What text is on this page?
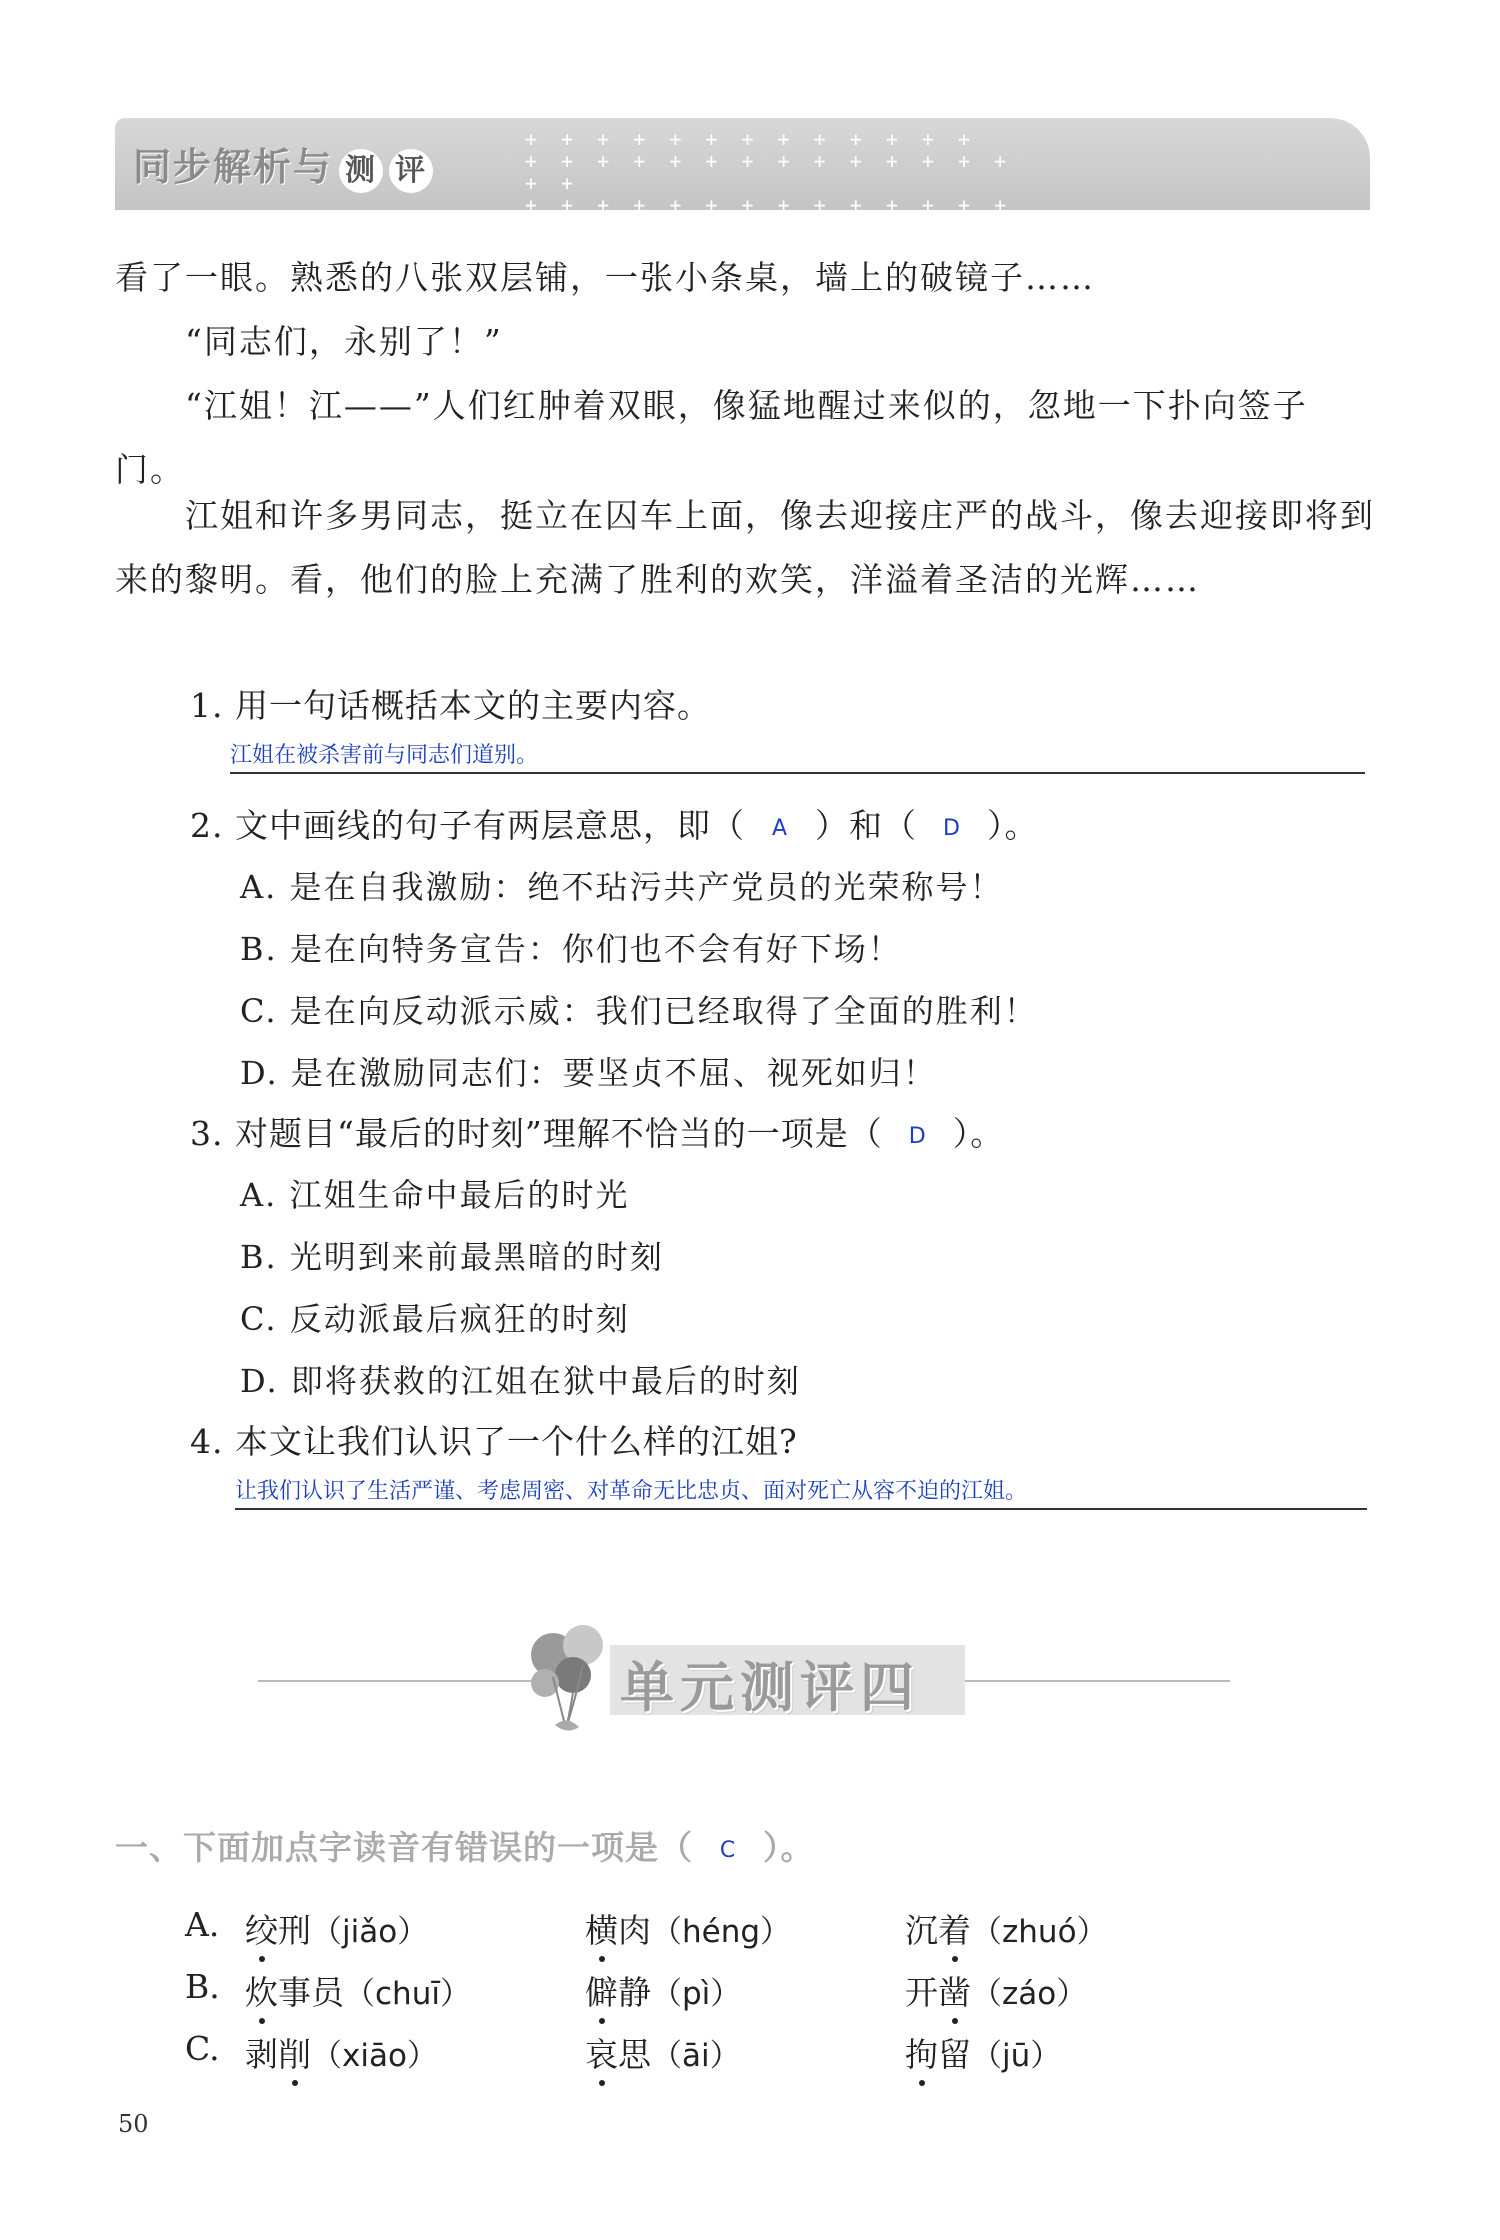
同步解析与 测 评
+ + + + + + + + + + + + +
+ + + + + + + + + + + + + + + +
+ + + + + + + + + + + + + + + + + + + + +

看了一眼。熟悉的八张双层铺，一张小条桌，墙上的破镜子……

“同志们，永别了！”

“江姐！江——”人们红肿着双眼，像猛地醒过来似的，忽地一下扑向签子门。

江姐和许多男同志，挺立在囚车上面，像去迎接庄严的战斗，像去迎接即将到来的黎明。看，他们的脸上充满了胜利的欢笑，洋溢着圣洁的光辉……

1. 用一句话概括本文的主要内容。
江姐在被杀害前与同志们道别。
2. 文中画线的句子有两层意思，即（ A ）和（ D ）。
A. 是在自我激励：绝不玷污共产党员的光荣称号！
B. 是在向特务宣告：你们也不会有好下场！
C. 是在向反动派示威：我们已经取得了全面的胜利！
D. 是在激励同志们：要坚贞不屈、视死如归！
3. 对题目“最后的时刻”理解不恰当的一项是（ D ）。
A. 江姐生命中最后的时光
B. 光明到来前最黑暗的时刻
C. 反动派最后疯狂的时刻
D. 即将获救的江姐在狱中最后的时刻
4. 本文让我们认识了一个什么样的江姐?
让我们认识了生活严谨、考虑周密、对革命无比忠贞、面对死亡从容不迫的江姐。
单元测评四
一、下面加点字读音有错误的一项是（ C ）。
A. 绞刑（jiǎo）	横肉（héng）	沉着（zhuó）
B. 炊事员（chuī）	僻静（pì）	开凿（záo）
C. 剥削（xiāo）	哀思（āi）	拘留（jū）
50
